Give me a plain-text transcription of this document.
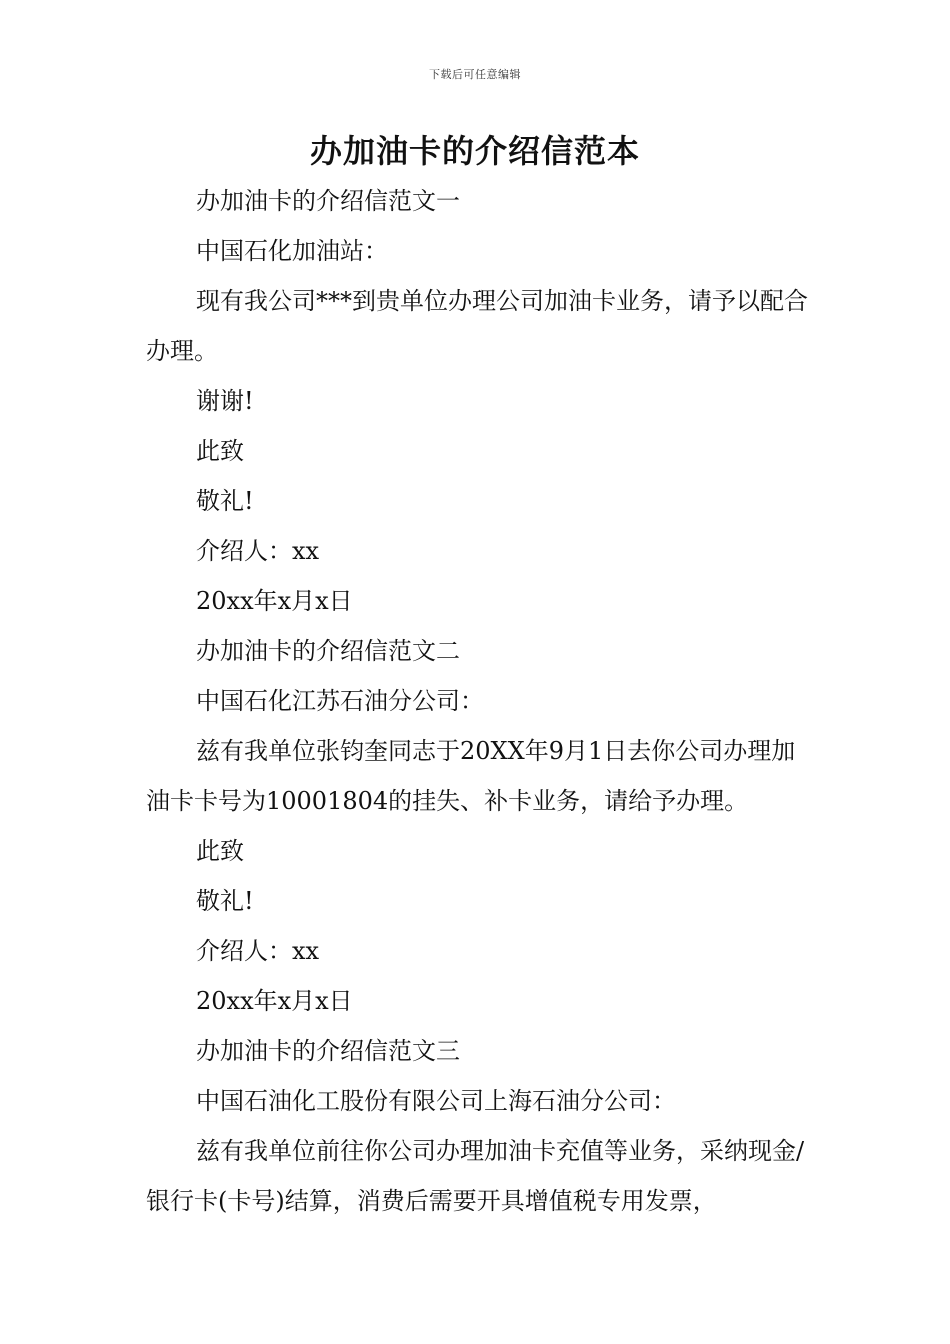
下载后可任意编辑
办加油卡的介绍信范本

办加油卡的介绍信范文一

中国石化加油站：

现有我公司***到贵单位办理公司加油卡业务，请予以配合办理。

谢谢!

此致

敬礼!

介绍人：xx

20xx年x月x日

办加油卡的介绍信范文二

中国石化江苏石油分公司：

兹有我单位张钧奎同志于20XX年9月1日去你公司办理加油卡卡号为10001804的挂失、补卡业务，请给予办理。

此致

敬礼!

介绍人：xx

20xx年x月x日

办加油卡的介绍信范文三

中国石油化工股份有限公司上海石油分公司：

兹有我单位前往你公司办理加油卡充值等业务，采纳现金/银行卡(卡号)结算，消费后需要开具增值税专用发票，
